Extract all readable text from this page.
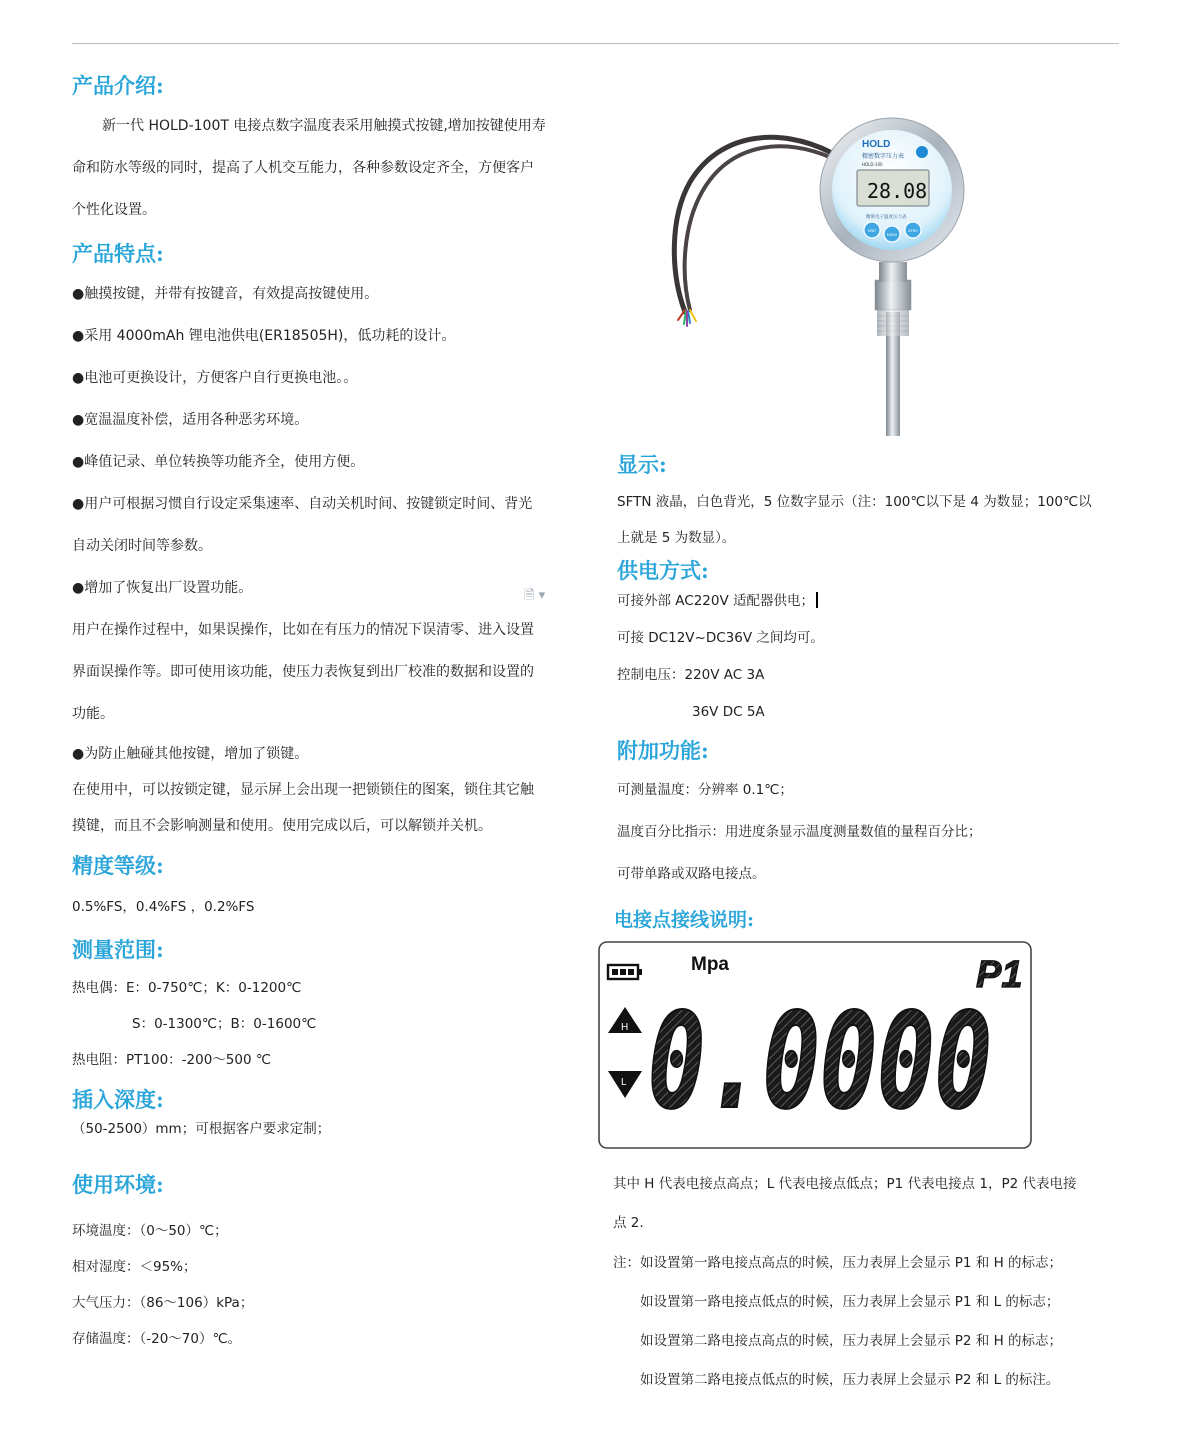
产品介绍:
新一代 HOLD-100T 电接点数字温度表采用触摸式按键,增加按键使用寿
命和防水等级的同时，提高了人机交互能力，各种参数设定齐全，方便客户
个性化设置。
产品特点:
●触摸按键，并带有按键音，有效提高按键使用。
●采用 4000mAh 锂电池供电(ER18505H)，低功耗的设计。
●电池可更换设计，方便客户自行更换电池。。
●宽温温度补偿，适用各种恶劣环境。
●峰值记录、单位转换等功能齐全，使用方便。
●用户可根据习惯自行设定采集速率、自动关机时间、按键锁定时间、背光
自动关闭时间等参数。
●增加了恢复出厂设置功能。	🗎 ▾
用户在操作过程中，如果误操作，比如在有压力的情况下误清零、进入设置
界面误操作等。即可使用该功能，使压力表恢复到出厂校准的数据和设置的
功能。
●为防止触碰其他按键，增加了锁键。
在使用中，可以按锁定键，显示屏上会出现一把锁锁住的图案，锁住其它触
摸键，而且不会影响测量和使用。使用完成以后，可以解锁并关机。
精度等级:
0.5%FS，0.4%FS ，0.2%FS
测量范围:
热电偶：E：0-750℃；K：0-1200℃
S：0-1300℃；B：0-1600℃
热电阻：PT100：-200～500 ℃
插入深度:
（50-2500）mm；可根据客户要求定制；
使用环境:
环境温度：（0～50）℃；
相对湿度：＜95%；
大气压力：（86～106）kPa；
存储温度：（-20～70）℃。
HOLD
精密数字压力表
HOLD-100
28.08
精密电子温度压力表
UNIT
MENU
ZERO
显示:
SFTN 液晶，白色背光，5 位数字显示（注：100℃以下是 4 为数显；100℃以
上就是 5 为数显）。
供电方式:
可接外部 AC220V 适配器供电；
可接 DC12V~DC36V 之间均可。
控制电压：220V AC 3A
36V DC 5A
附加功能:
可测量温度：分辨率 0.1℃；
温度百分比指示：用进度条显示温度测量数值的量程百分比；
可带单路或双路电接点。
电接点接线说明:
Mpa	P1
H
L 0.0000
其中 H 代表电接点高点；L 代表电接点低点；P1 代表电接点 1，P2 代表电接
点 2.
注：如设置第一路电接点高点的时候，压力表屏上会显示 P1 和 H 的标志；
如设置第一路电接点低点的时候，压力表屏上会显示 P1 和 L 的标志；
如设置第二路电接点高点的时候，压力表屏上会显示 P2 和 H 的标志；
如设置第二路电接点低点的时候，压力表屏上会显示 P2 和 L 的标注。
